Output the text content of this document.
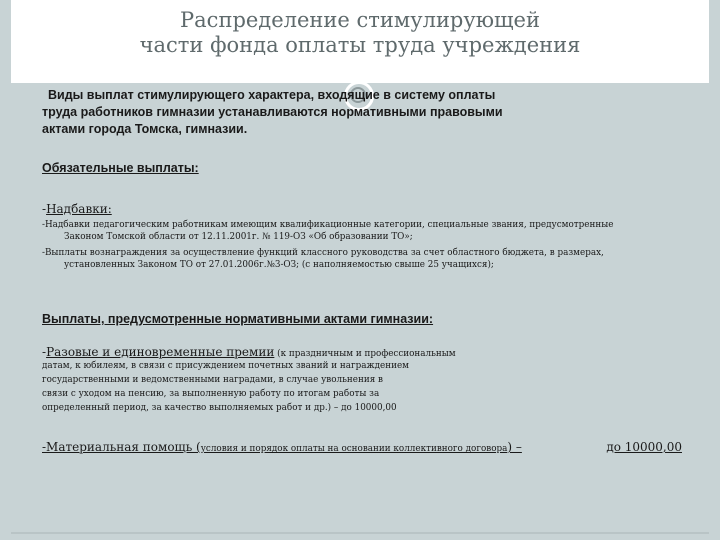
Распределение стимулирующей
части фонда оплаты труда учреждения
Виды выплат стимулирующего характера, входящие в систему оплаты
труда работников гимназии устанавливаются нормативными правовыми
актами города Томска, гимназии.
Обязательные выплаты:
-Надбавки:
-Надбавки педагогическим работникам имеющим квалификационные категории, специальные звания, предусмотренные
Законом Томской области от 12.11.2001г. № 119-ОЗ «Об образовании ТО»;
-Выплаты вознаграждения за осуществление функций классного руководства за счет областного бюджета, в размерах,
установленных Законом ТО от 27.01.2006г.№3-ОЗ; (с наполняемостью свыше 25 учащихся);
Выплаты, предусмотренные нормативными актами гимназии:
-Разовые и единовременные премии (к праздничным и профессиональным
датам, к юбилеям, в связи с присуждением почетных званий и награждением
государственными и ведомственными наградами, в случае увольнения в
связи с уходом на пенсию, за выполненную работу по итогам работы за
определенный период, за качество выполняемых работ и др.) – до 10000,00
-Материальная помощь (условия и порядок оплаты на основании коллективного договора) –	до 10000,00
